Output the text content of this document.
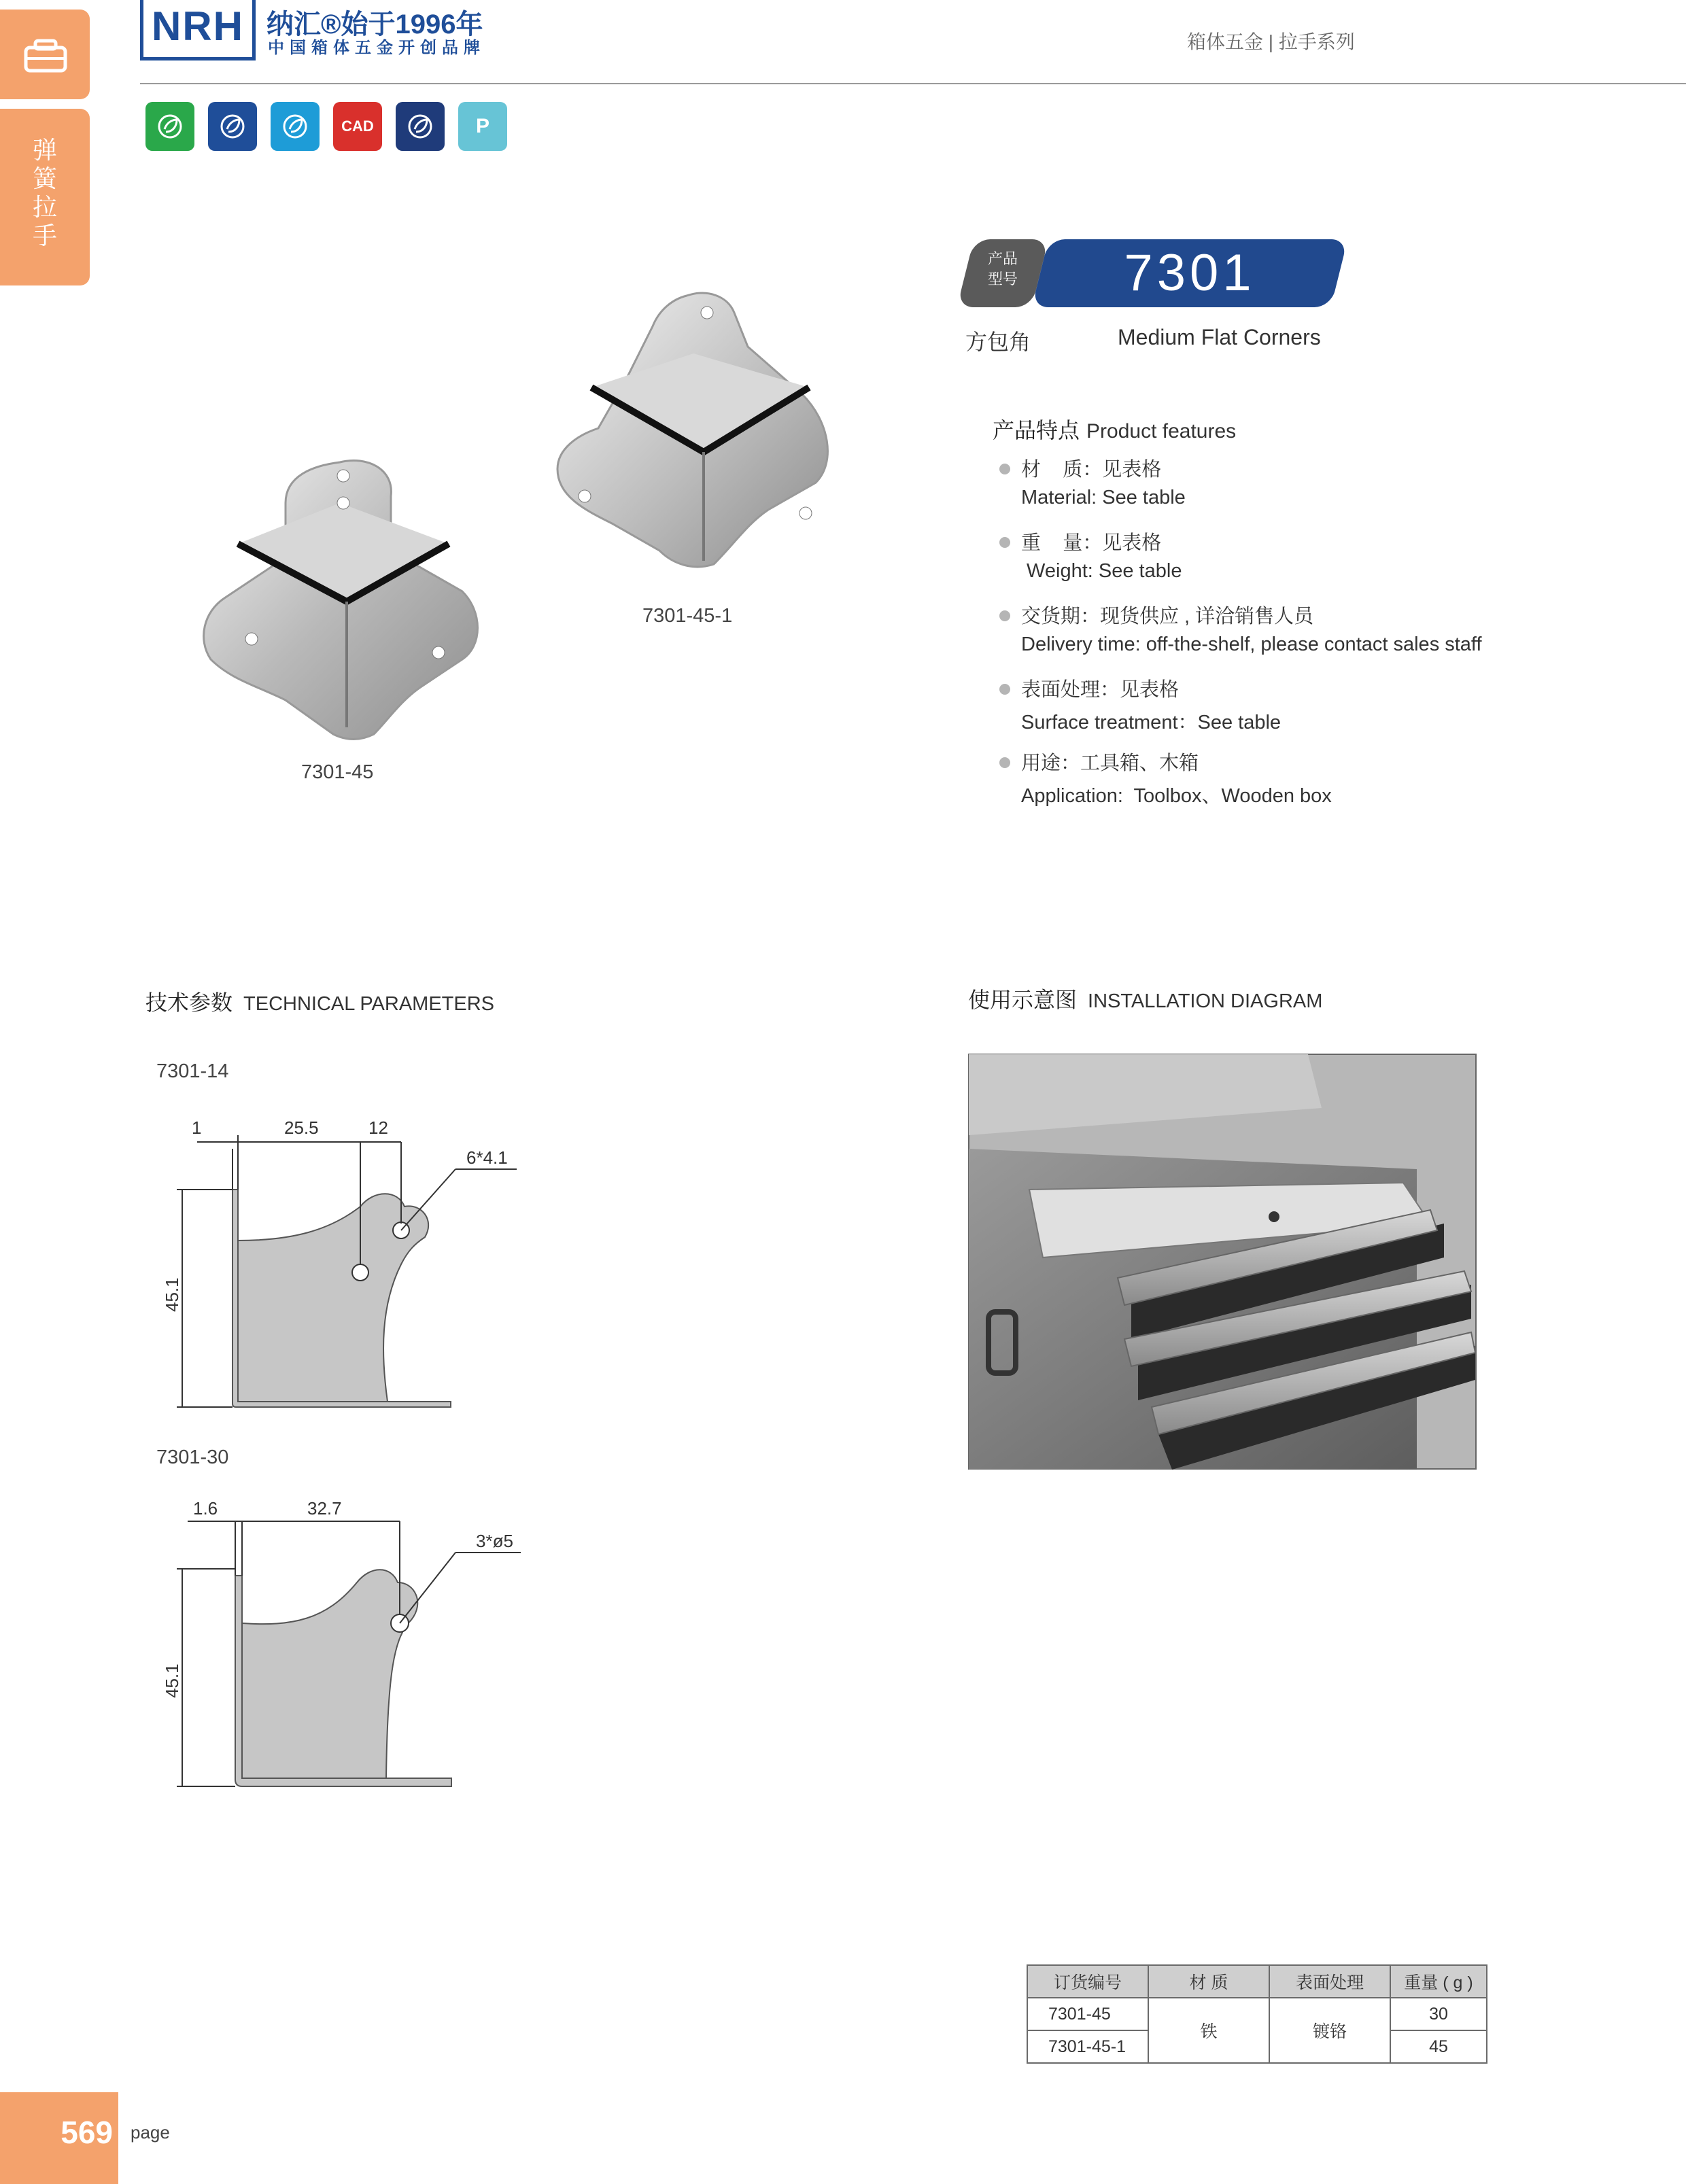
弹
簧
拉
手
NRH 纳汇®始于1996年
中国箱体五金开创品牌	箱体五金 | 拉手系列
CAD	P
7301-45
7301-45-1
产品
型号	7301
方包角	Medium Flat Corners
产品特点 Product features
材    质：见表格
Material: See table
重    量：见表格
Weight: See table
交货期：现货供应 , 详洽销售人员
Delivery time: off-the-shelf, please contact sales staff
表面处理：见表格
Surface treatment：See table
用途：工具箱、木箱
Application:  Toolbox、Wooden box
技术参数 TECHNICAL PARAMETERS
7301-14
1	25.5	12
6*4.1
45.1
7301-30
1.6	32.7
3*ø5
45.1
使用示意图 INSTALLATION DIAGRAM
订货编号	材 质	表面处理	重量 ( g )
7301-45	铁	镀铬	30
7301-45-1			45
569 page
